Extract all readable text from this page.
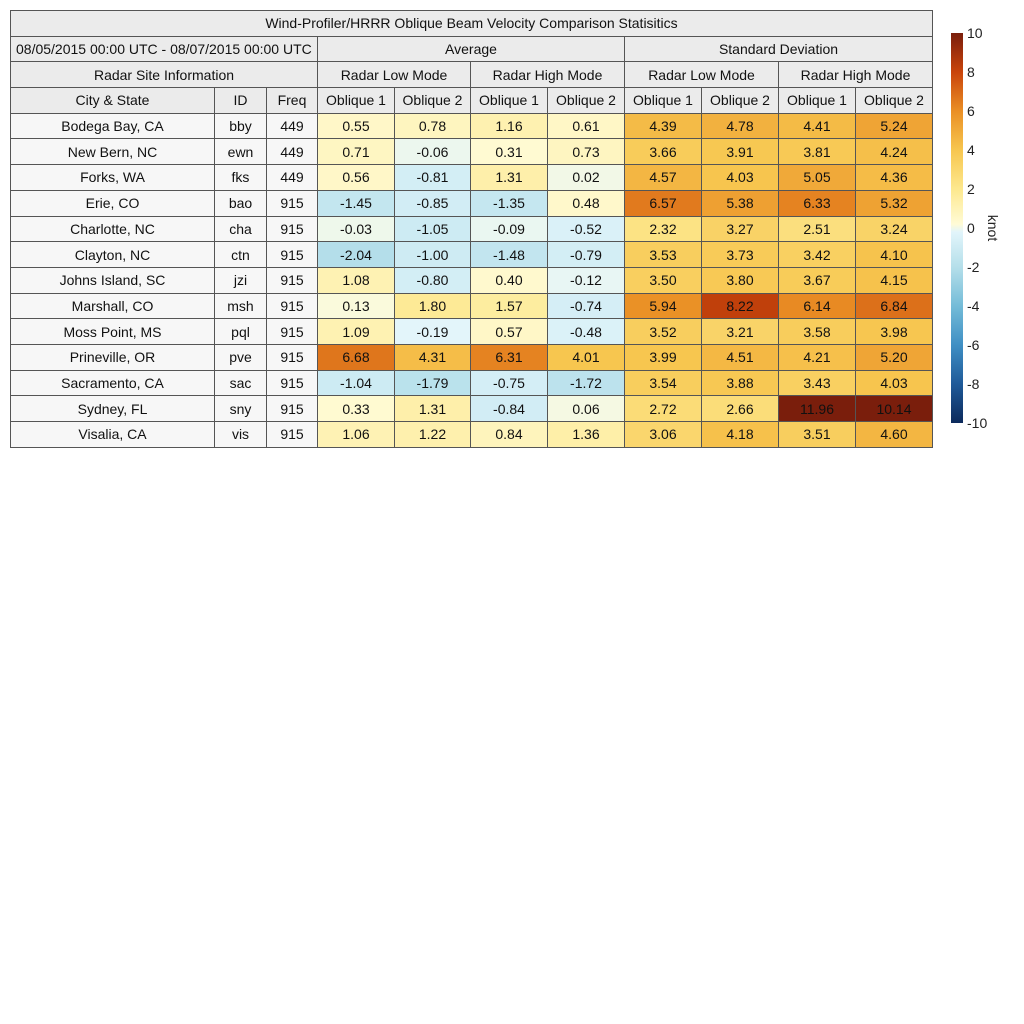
Wind-Profiler/HRRR Oblique Beam Velocity Comparison Statisitics										
08/05/2015 00:00 UTC - 08/07/2015 00:00 UTC			Average				Standard Deviation			
Radar Site Information			Radar Low Mode		Radar High Mode		Radar Low Mode		Radar High Mode	
City & State	ID	Freq	Oblique 1	Oblique 2	Oblique 1	Oblique 2	Oblique 1	Oblique 2	Oblique 1	Oblique 2
Bodega Bay, CA	bby	449	0.55	0.78	1.16	0.61	4.39	4.78	4.41	5.24
New Bern, NC	ewn	449	0.71	-0.06	0.31	0.73	3.66	3.91	3.81	4.24
Forks, WA	fks	449	0.56	-0.81	1.31	0.02	4.57	4.03	5.05	4.36
Erie, CO	bao	915	-1.45	-0.85	-1.35	0.48	6.57	5.38	6.33	5.32
Charlotte, NC	cha	915	-0.03	-1.05	-0.09	-0.52	2.32	3.27	2.51	3.24
Clayton, NC	ctn	915	-2.04	-1.00	-1.48	-0.79	3.53	3.73	3.42	4.10
Johns Island, SC	jzi	915	1.08	-0.80	0.40	-0.12	3.50	3.80	3.67	4.15
Marshall, CO	msh	915	0.13	1.80	1.57	-0.74	5.94	8.22	6.14	6.84
Moss Point, MS	pql	915	1.09	-0.19	0.57	-0.48	3.52	3.21	3.58	3.98
Prineville, OR	pve	915	6.68	4.31	6.31	4.01	3.99	4.51	4.21	5.20
Sacramento, CA	sac	915	-1.04	-1.79	-0.75	-1.72	3.54	3.88	3.43	4.03
Sydney, FL	sny	915	0.33	1.31	-0.84	0.06	2.72	2.66	11.96	10.14
Visalia, CA	vis	915	1.06	1.22	0.84	1.36	3.06	4.18	3.51	4.60
10
8
6
4
2
0
-2
-4
-6
-8
-10
knot
